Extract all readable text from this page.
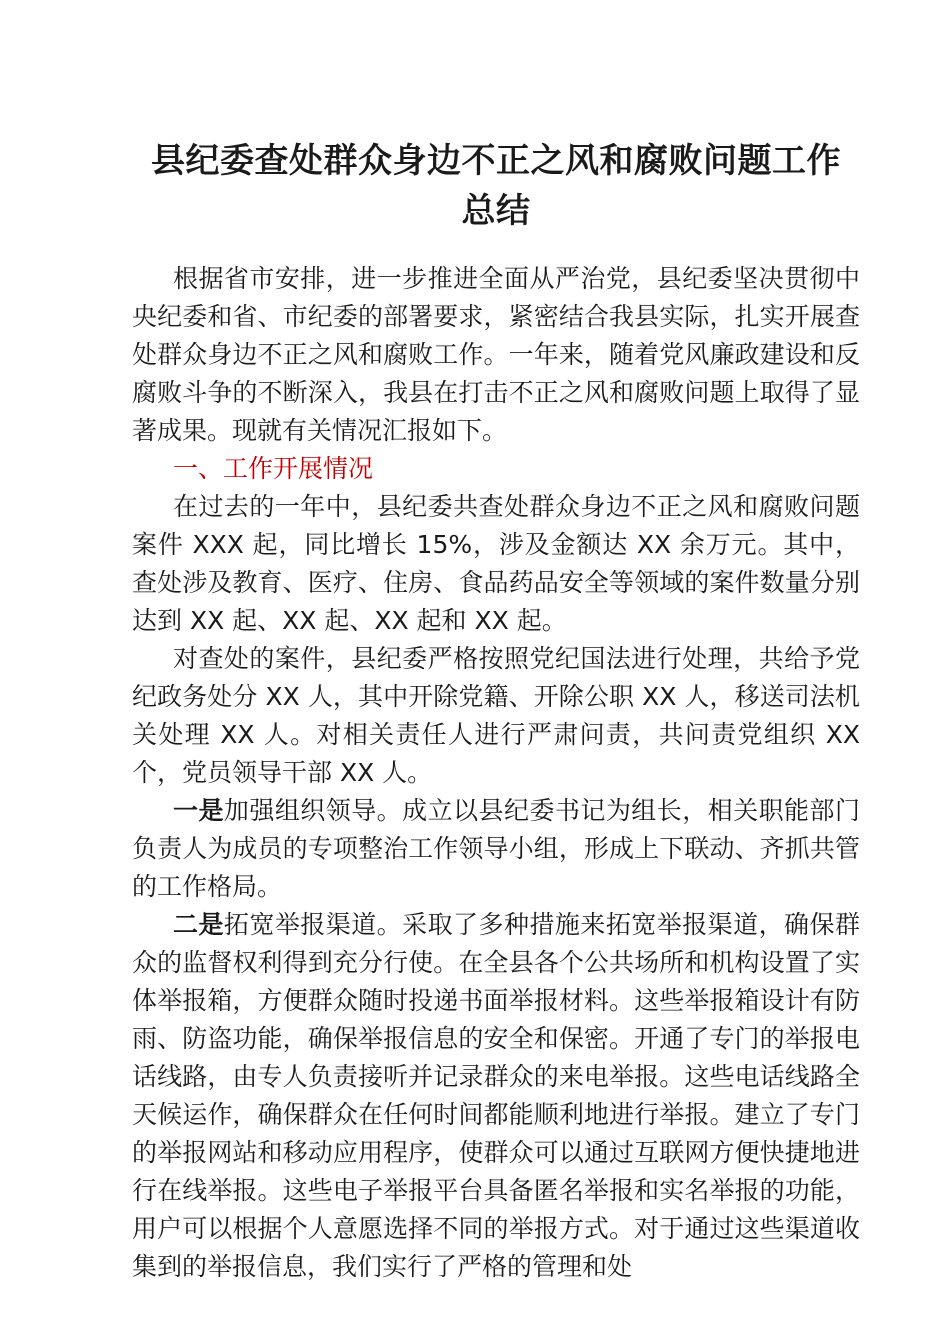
县纪委查处群众身边不正之风和腐败问题工作
总结

根据省市安排，进一步推进全面从严治党，县纪委坚决贯彻中央纪委和省、市纪委的部署要求，紧密结合我县实际，扎实开展查处群众身边不正之风和腐败工作。一年来，随着党风廉政建设和反腐败斗争的不断深入，我县在打击不正之风和腐败问题上取得了显著成果。现就有关情况汇报如下。

一、工作开展情况

在过去的一年中，县纪委共查处群众身边不正之风和腐败问题案件 XXX 起，同比增长 15%，涉及金额达 XX 余万元。其中，查处涉及教育、医疗、住房、食品药品安全等领域的案件数量分别达到 XX 起、XX 起、XX 起和 XX 起。

对查处的案件，县纪委严格按照党纪国法进行处理，共给予党纪政务处分 XX 人，其中开除党籍、开除公职 XX 人，移送司法机关处理 XX 人。对相关责任人进行严肃问责，共问责党组织 XX 个，党员领导干部 XX 人。

一是加强组织领导。成立以县纪委书记为组长，相关职能部门负责人为成员的专项整治工作领导小组，形成上下联动、齐抓共管的工作格局。

二是拓宽举报渠道。采取了多种措施来拓宽举报渠道，确保群众的监督权利得到充分行使。在全县各个公共场所和机构设置了实体举报箱，方便群众随时投递书面举报材料。这些举报箱设计有防雨、防盗功能，确保举报信息的安全和保密。开通了专门的举报电话线路，由专人负责接听并记录群众的来电举报。这些电话线路全天候运作，确保群众在任何时间都能顺利地进行举报。建立了专门的举报网站和移动应用程序，使群众可以通过互联网方便快捷地进行在线举报。这些电子举报平台具备匿名举报和实名举报的功能，用户可以根据个人意愿选择不同的举报方式。对于通过这些渠道收集到的举报信息，我们实行了严格的管理和处
